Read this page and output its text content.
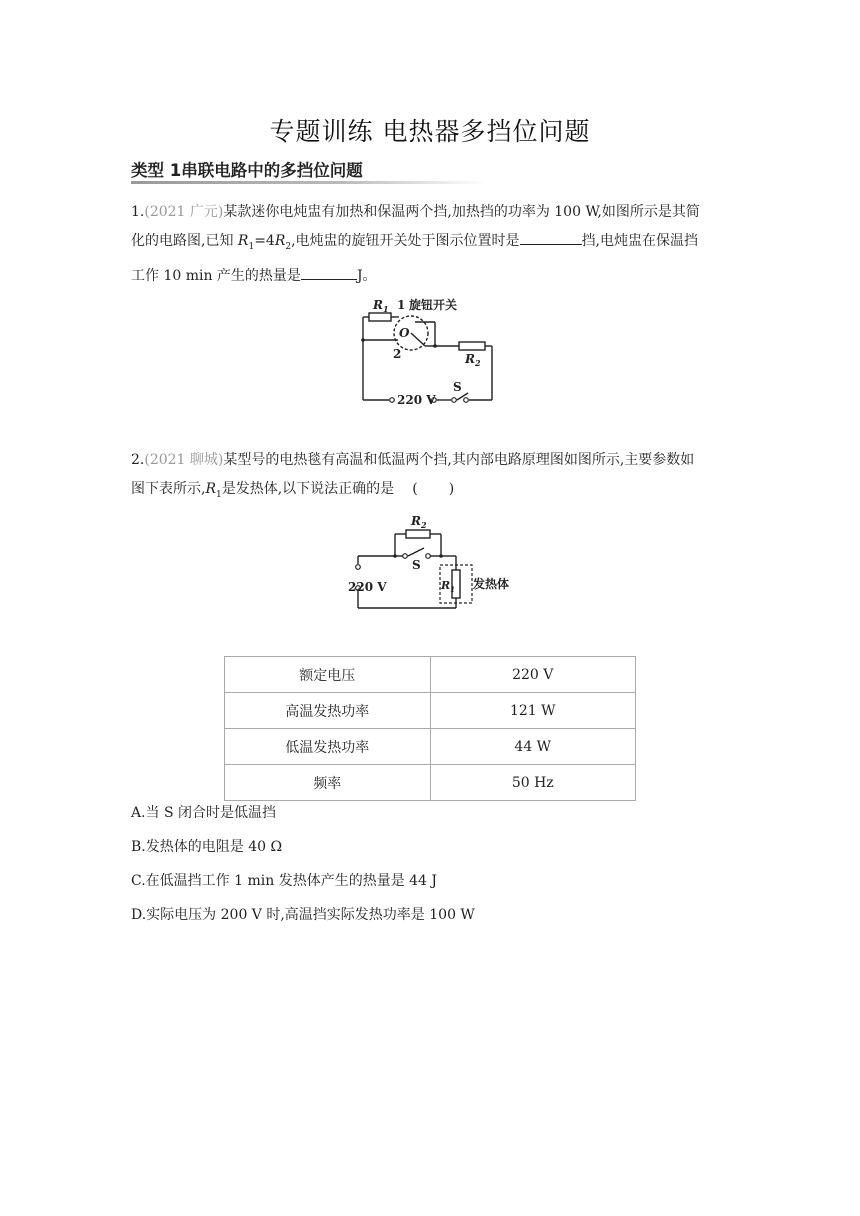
专题训练 电热器多挡位问题
类型 1串联电路中的多挡位问题
1.(2021 广元)某款迷你电炖盅有加热和保温两个挡,加热挡的功率为 100 W,如图所示是其简
化的电路图,已知 $R_1=4R_2$,电炖盅的旋钮开关处于图示位置时是	挡,电炖盅在保温挡
工作 10 min 产生的热量是	J。
$R_1$ 1 旋钮开关
O
2	$R_2$
220 V
S
2.(2021 聊城)某型号的电热毯有高温和低温两个挡,其内部电路原理图如图所示,主要参数如
图下表所示$,R_1$是发热体,以下说法正确的是 (       )
$R_2$
S
220 V	$R_1$ 发热体
额定电压	220 V
高温发热功率	121 W
低温发热功率	44 W
频率	50 Hz
A.当 S 闭合时是低温挡
B.发热体的电阻是 40 Ω
C.在低温挡工作 1 min 发热体产生的热量是 44 J
D.实际电压为 200 V 时,高温挡实际发热功率是 100 W
